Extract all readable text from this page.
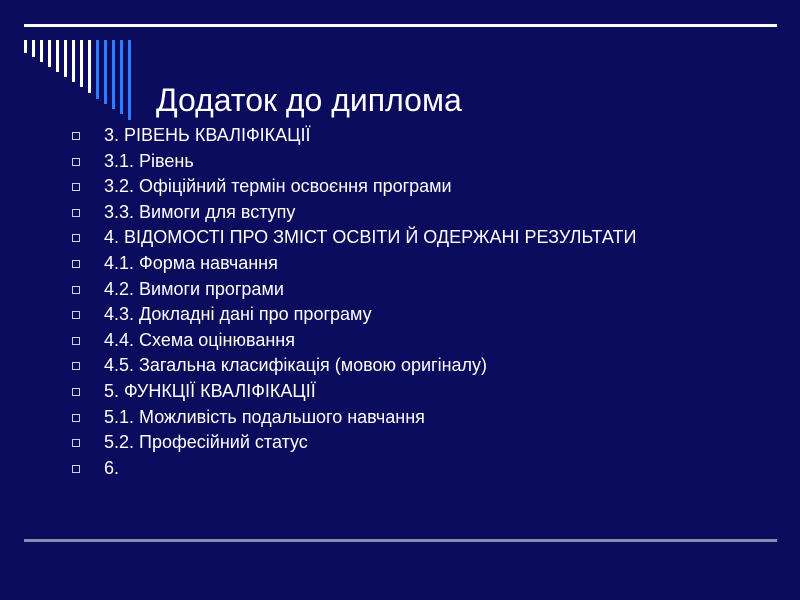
Додаток до диплома
3. РІВЕНЬ КВАЛІФІКАЦІЇ
3.1. Рівень
3.2. Офіційний термін освоєння програми
3.3. Вимоги для вступу
4. ВІДОМОСТІ ПРО ЗМІСТ ОСВІТИ Й ОДЕРЖАНІ РЕЗУЛЬТАТИ
4.1. Форма навчання
4.2. Вимоги програми
4.3. Докладні дані про програму
4.4. Схема оцінювання
4.5. Загальна класифікація (мовою оригіналу)
5. ФУНКЦІЇ КВАЛІФІКАЦІЇ
5.1. Можливість подальшого навчання
5.2. Професійний статус
6.
